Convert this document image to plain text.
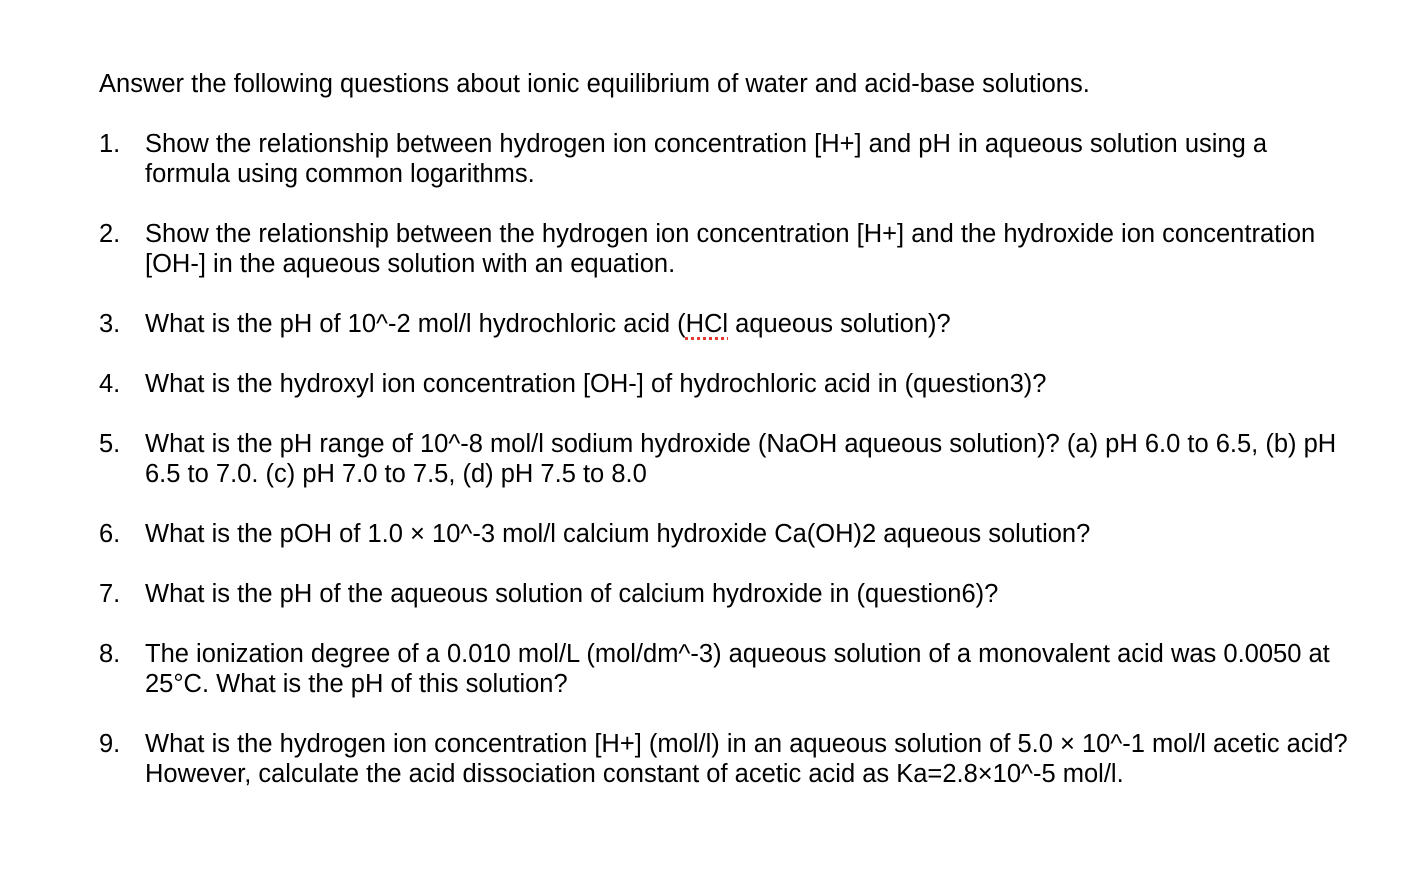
Answer the following questions about ionic equilibrium of water and acid-base solutions.

1. Show the relationship between hydrogen ion concentration [H+] and pH in aqueous solution using a formula using common logarithms.
2. Show the relationship between the hydrogen ion concentration [H+] and the hydroxide ion concentration [OH-] in the aqueous solution with an equation.
3. What is the pH of 10^-2 mol/l hydrochloric acid (HCl aqueous solution)?
4. What is the hydroxyl ion concentration [OH-] of hydrochloric acid in (question3)?
5. What is the pH range of 10^-8 mol/l sodium hydroxide (NaOH aqueous solution)? (a) pH 6.0 to 6.5, (b) pH 6.5 to 7.0. (c) pH 7.0 to 7.5, (d) pH 7.5 to 8.0
6. What is the pOH of 1.0 × 10^-3 mol/l calcium hydroxide Ca(OH)2 aqueous solution?
7. What is the pH of the aqueous solution of calcium hydroxide in (question6)?
8. The ionization degree of a 0.010 mol/L (mol/dm^-3) aqueous solution of a monovalent acid was 0.0050 at 25°C. What is the pH of this solution?
9. What is the hydrogen ion concentration [H+] (mol/l) in an aqueous solution of 5.0 × 10^-1 mol/l acetic acid? However, calculate the acid dissociation constant of acetic acid as Ka=2.8×10^-5 mol/l.
